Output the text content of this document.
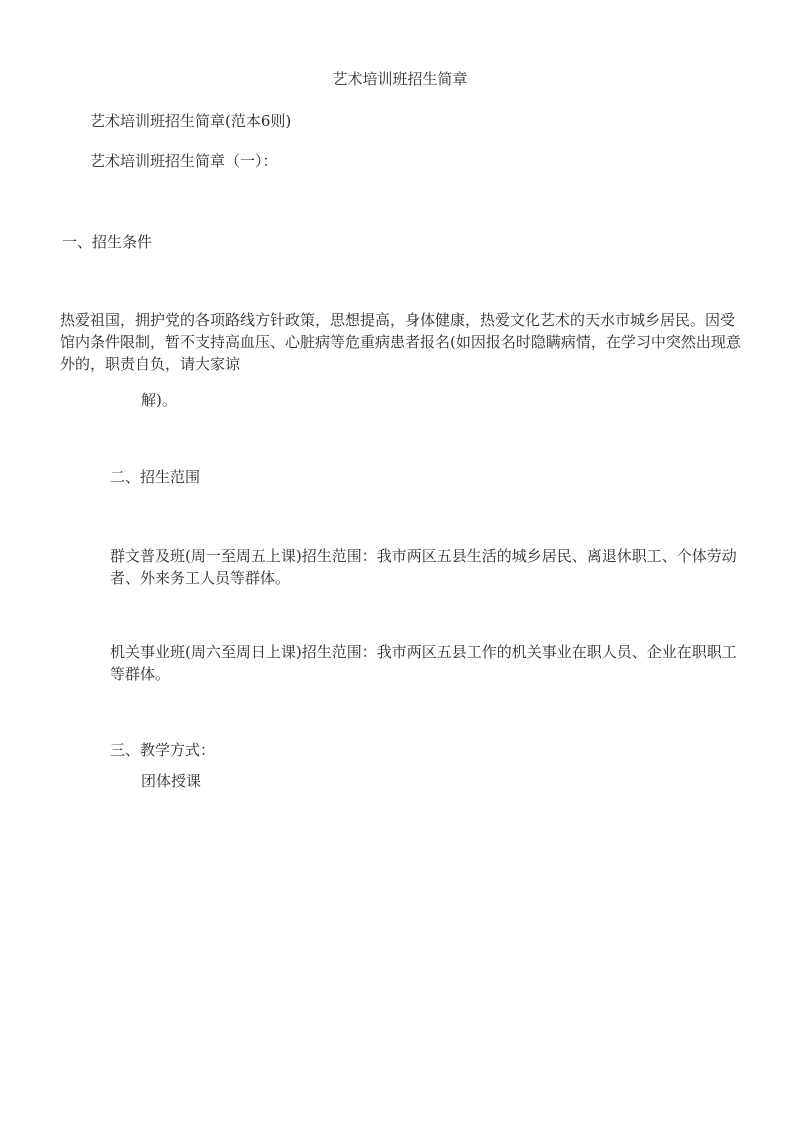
艺术培训班招生简章

艺术培训班招生简章(范本6则)

艺术培训班招生简章（一）：

一、招生条件

热爱祖国，拥护党的各项路线方针政策，思想提高，身体健康，热爱文化艺术的天水市城乡居民。因受馆内条件限制，暂不支持高血压、心脏病等危重病患者报名(如因报名时隐瞒病情，在学习中突然出现意外的，职责自负，请大家谅

解)。

二、招生范围

群文普及班(周一至周五上课)招生范围：我市两区五县生活的城乡居民、离退休职工、个体劳动者、外来务工人员等群体。

机关事业班(周六至周日上课)招生范围：我市两区五县工作的机关事业在职人员、企业在职职工等群体。

三、教学方式：

团体授课
